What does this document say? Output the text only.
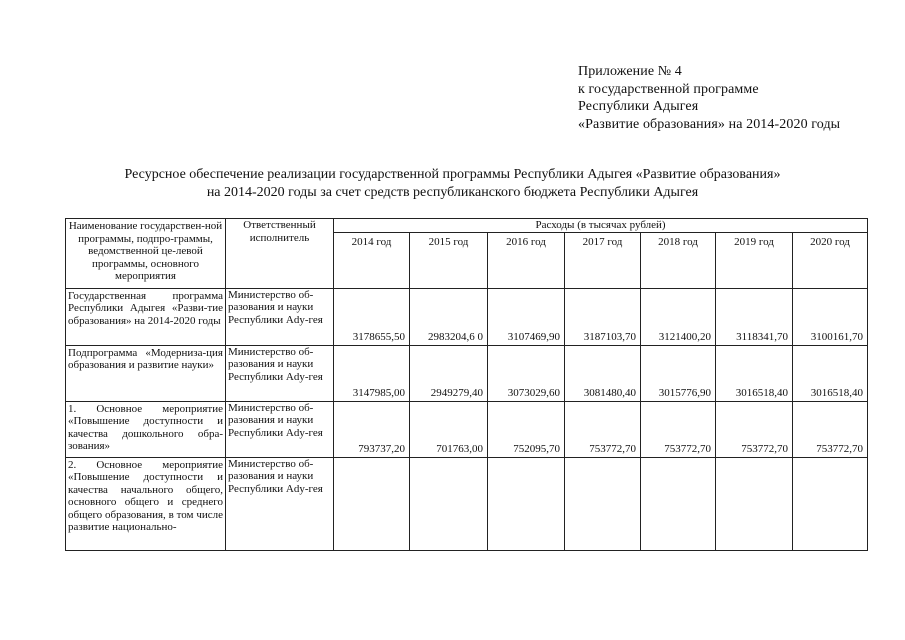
Приложение № 4
к государственной программе
Республики Адыгея
«Развитие образования» на 2014-2020 годы
Ресурсное обеспечение реализации государственной программы Республики Адыгея «Развитие образования»
на 2014-2020 годы за счет средств республиканского бюджета Республики Адыгея
Наименование государствен-ной программы, подпро-граммы, ведомственной це-левой программы, основного мероприятия	Ответственный исполнитель	Расходы (в тысячах рублей)						
		2014 год	2015 год	2016 год	2017 год	2018 год	2019 год	2020 год
Государственная программа Республики Адыгея «Разви-тие образования» на 2014-2020 годы	Министерство об-разования и науки Республики Ady-гея	3178655,50	2983204,6 0	3107469,90	3187103,70	3121400,20	3118341,70	3100161,70
Подпрограмма «Модерниза-ция образования и развитие науки»	Министерство об-разования и науки Республики Ady-гея	3147985,00	2949279,40	3073029,60	3081480,40	3015776,90	3016518,40	3016518,40
1. Основное мероприятие «Повышение доступности и качества дошкольного обра-зования»	Министерство об-разования и науки Республики Ady-гея	793737,20	701763,00	752095,70	753772,70	753772,70	753772,70	753772,70
2. Основное мероприятие «Повышение доступности и качества начального общего, основного общего и среднего общего образования, в том числе развитие национально-	Министерство об-разования и науки Республики Ady-гея							
